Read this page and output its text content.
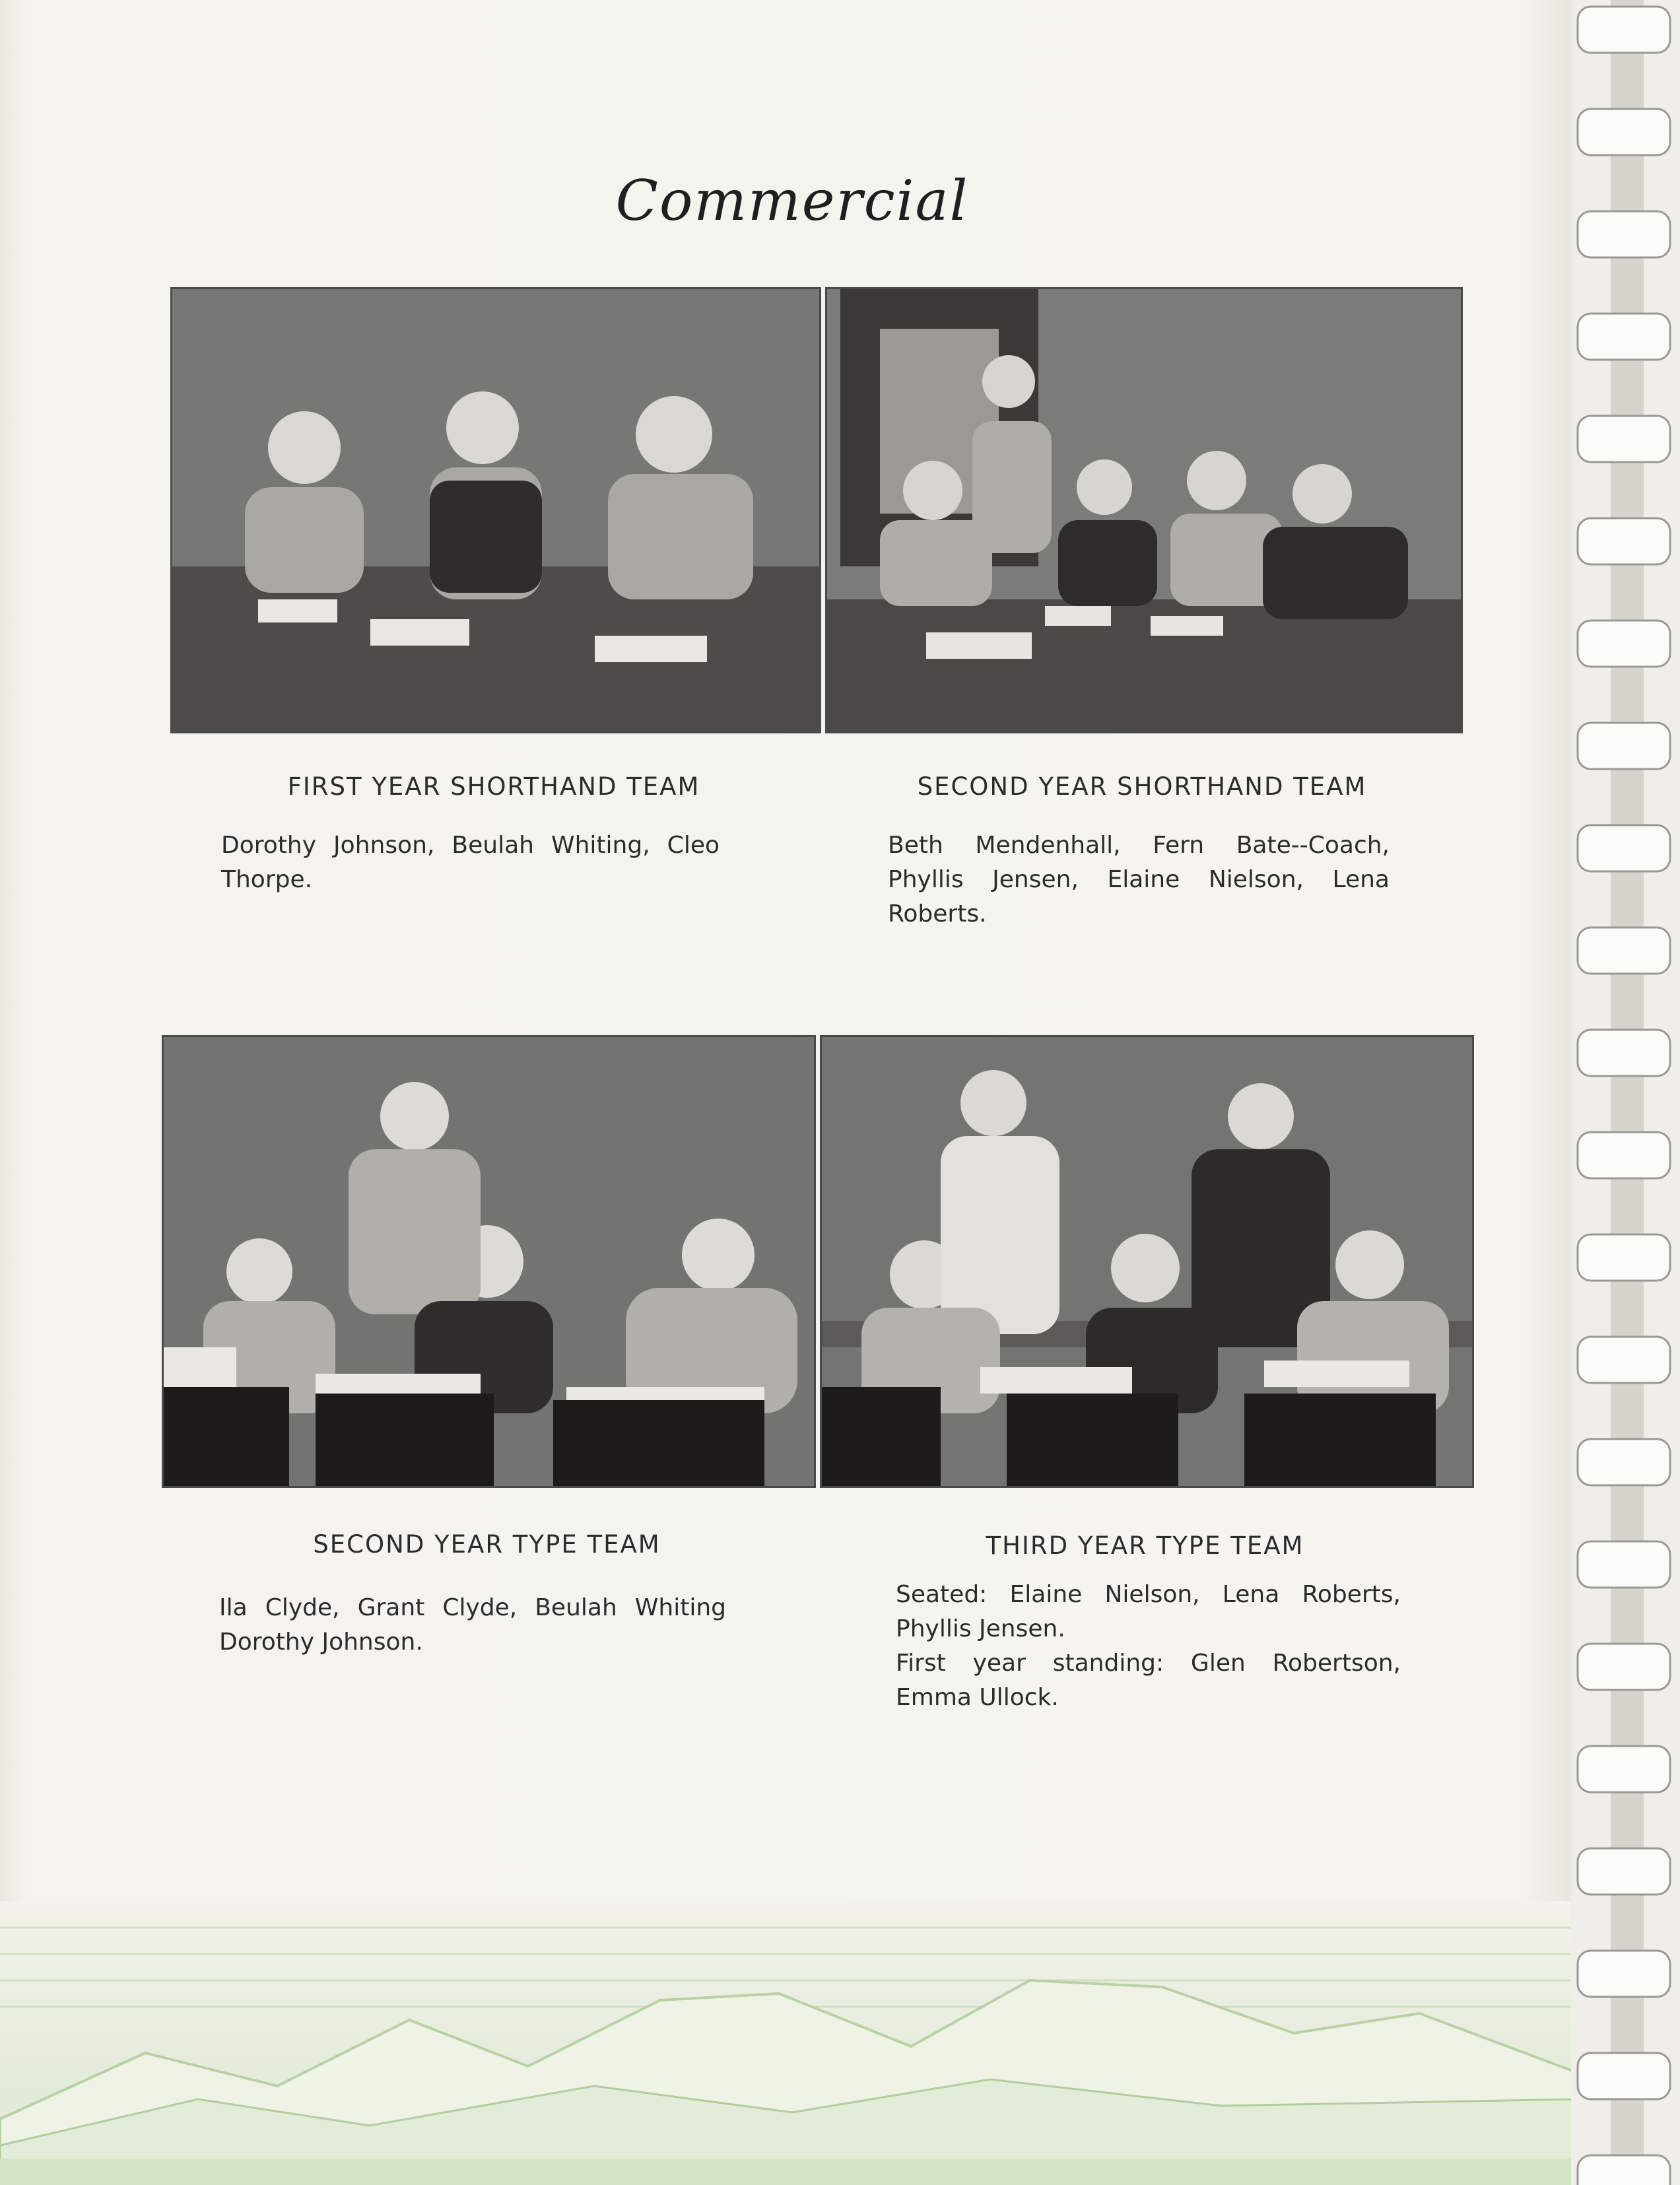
Commercial
FIRST YEAR SHORTHAND TEAM

Dorothy Johnson, Beulah Whiting, Cleo Thorpe.

SECOND YEAR SHORTHAND TEAM

Beth Mendenhall, Fern Bate--Coach, Phyllis Jensen, Elaine Nielson, Lena Roberts.

SECOND YEAR TYPE TEAM

Ila Clyde, Grant Clyde, Beulah Whiting Dorothy Johnson.

THIRD YEAR TYPE TEAM

Seated: Elaine Nielson, Lena Roberts, Phyllis Jensen.

First year standing: Glen Robertson, Emma Ullock.
